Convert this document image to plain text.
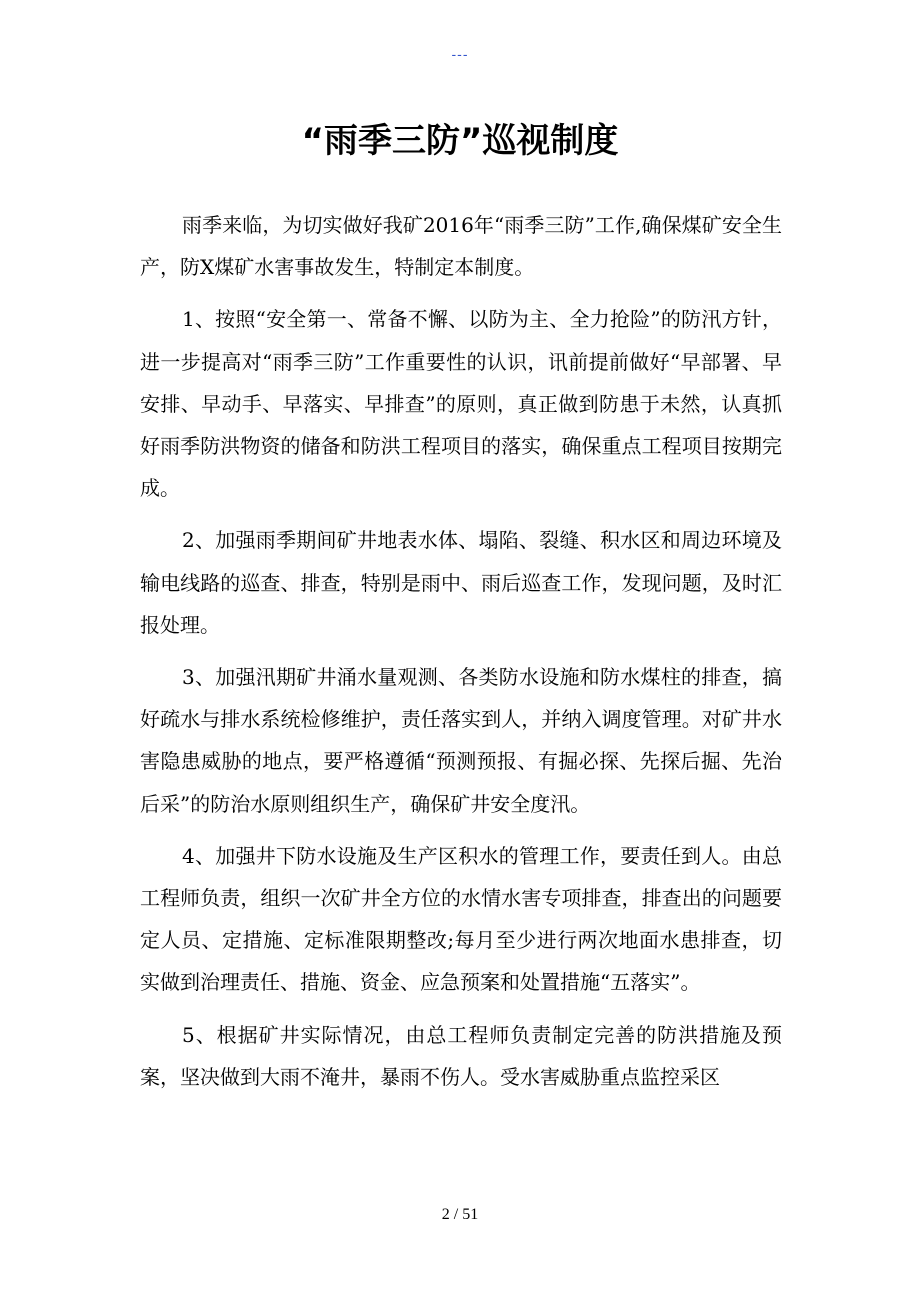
---
“雨季三防”巡视制度

雨季来临，为切实做好我矿2016年“雨季三防”工作,确保煤矿安全生产，防X煤矿水害事故发生，特制定本制度。

1、按照“安全第一、常备不懈、以防为主、全力抢险”的防汛方针，进一步提高对“雨季三防”工作重要性的认识，讯前提前做好“早部署、早安排、早动手、早落实、早排查”的原则，真正做到防患于未然，认真抓好雨季防洪物资的储备和防洪工程项目的落实，确保重点工程项目按期完成。

2、加强雨季期间矿井地表水体、塌陷、裂缝、积水区和周边环境及输电线路的巡查、排查，特别是雨中、雨后巡查工作，发现问题，及时汇报处理。

3、加强汛期矿井涌水量观测、各类防水设施和防水煤柱的排查，搞好疏水与排水系统检修维护，责任落实到人，并纳入调度管理。对矿井水害隐患威胁的地点，要严格遵循“预测预报、有掘必探、先探后掘、先治后采”的防治水原则组织生产，确保矿井安全度汛。

4、加强井下防水设施及生产区积水的管理工作，要责任到人。由总工程师负责，组织一次矿井全方位的水情水害专项排查，排查出的问题要定人员、定措施、定标准限期整改;每月至少进行两次地面水患排查，切实做到治理责任、措施、资金、应急预案和处置措施“五落实”。

5、根据矿井实际情况，由总工程师负责制定完善的防洪措施及预案，坚决做到大雨不淹井，暴雨不伤人。受水害威胁重点监控采区

2 / 51
